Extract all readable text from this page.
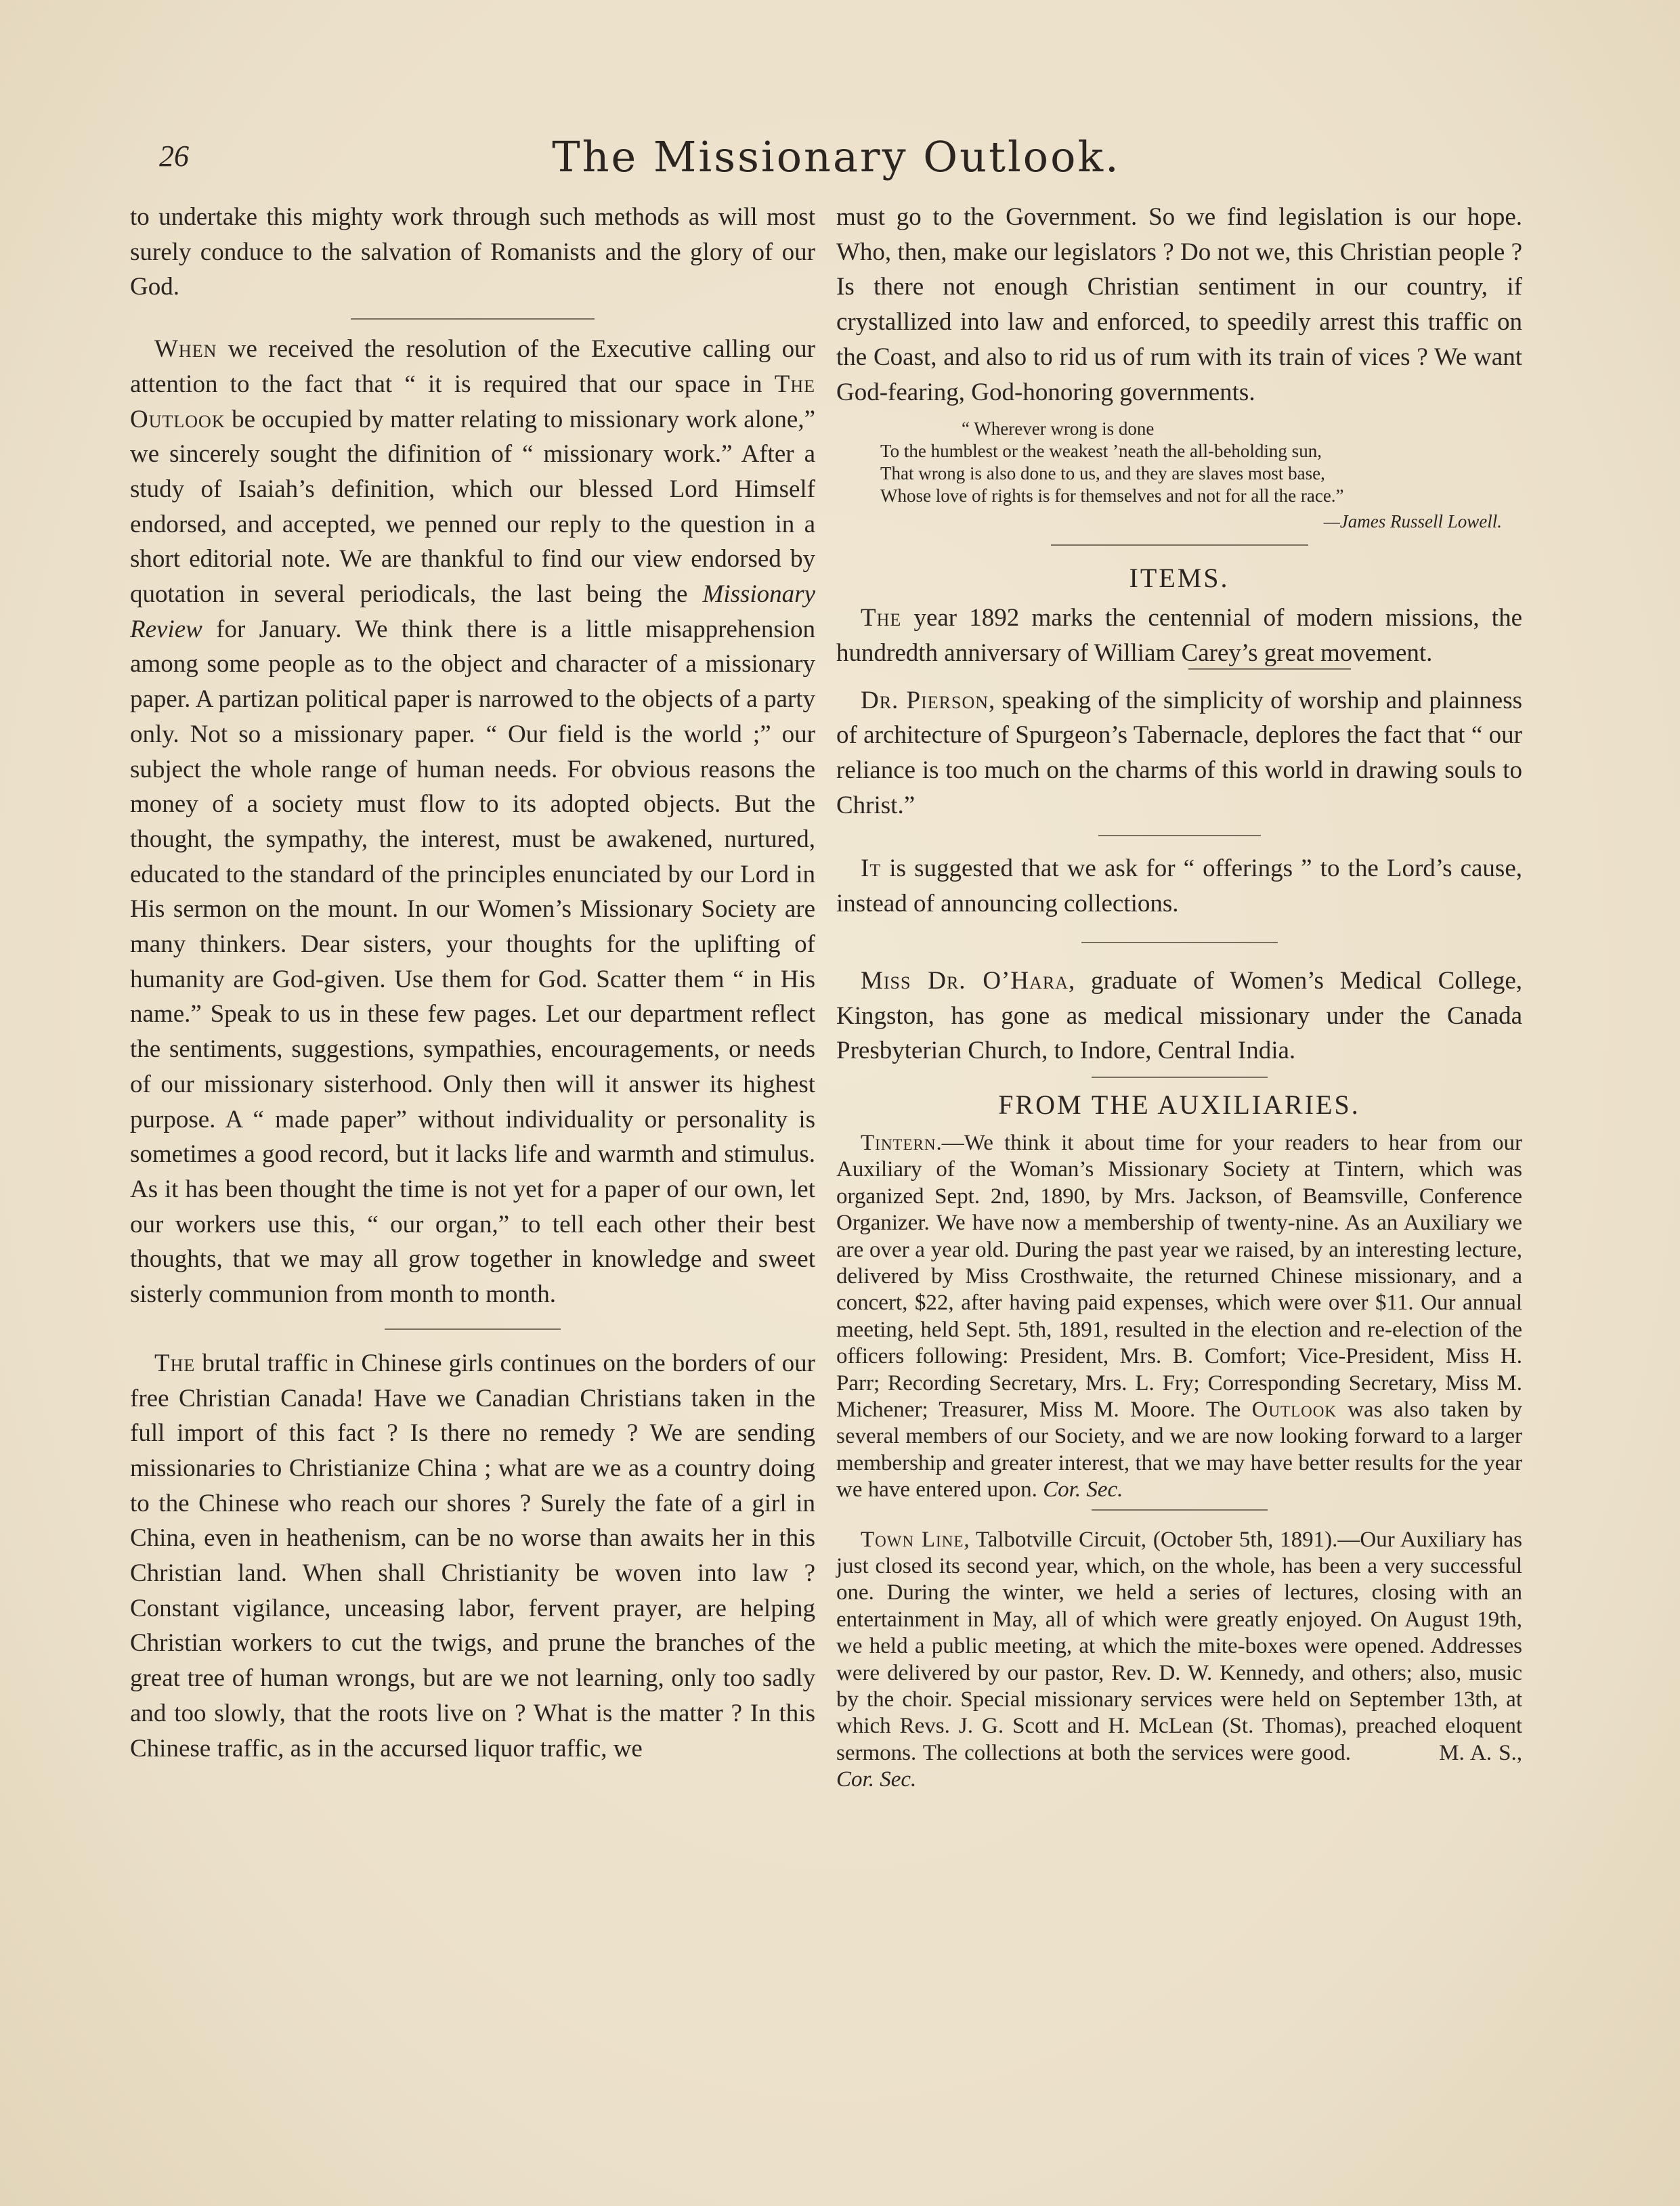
26	The Missionary Outlook.

to undertake this mighty work through such methods as will most surely conduce to the salvation of Romanists and the glory of our God.

When we received the resolution of the Executive calling our attention to the fact that “ it is required that our space in The Outlook be occupied by matter relating to missionary work alone,” we sincerely sought the difinition of “ missionary work.” After a study of Isaiah’s definition, which our blessed Lord Himself endorsed, and accepted, we penned our reply to the question in a short editorial note. We are thankful to find our view endorsed by quotation in several periodicals, the last being the Missionary Review for January. We think there is a little misapprehension among some people as to the object and character of a missionary paper. A partizan political paper is narrowed to the objects of a party only. Not so a missionary paper. “ Our field is the world ;” our subject the whole range of human needs. For obvious reasons the money of a society must flow to its adopted objects. But the thought, the sympathy, the interest, must be awakened, nurtured, educated to the standard of the principles enunciated by our Lord in His sermon on the mount. In our Women’s Missionary Society are many thinkers. Dear sisters, your thoughts for the uplifting of humanity are God-given. Use them for God. Scatter them “ in His name.” Speak to us in these few pages. Let our department reflect the sentiments, suggestions, sympathies, encouragements, or needs of our missionary sisterhood. Only then will it answer its highest purpose. A “ made paper” without individuality or personality is sometimes a good record, but it lacks life and warmth and stimulus. As it has been thought the time is not yet for a paper of our own, let our workers use this, “ our organ,” to tell each other their best thoughts, that we may all grow together in knowledge and sweet sisterly communion from month to month.

The brutal traffic in Chinese girls continues on the borders of our free Christian Canada! Have we Canadian Christians taken in the full import of this fact ? Is there no remedy ? We are sending missionaries to Christianize China ; what are we as a country doing to the Chinese who reach our shores ? Surely the fate of a girl in China, even in heathenism, can be no worse than awaits her in this Christian land. When shall Christianity be woven into law ? Constant vigilance, unceasing labor, fervent prayer, are helping Christian workers to cut the twigs, and prune the branches of the great tree of human wrongs, but are we not learning, only too sadly and too slowly, that the roots live on ? What is the matter ? In this Chinese traffic, as in the accursed liquor traffic, we

must go to the Government. So we find legislation is our hope. Who, then, make our legislators ? Do not we, this Christian people ? Is there not enough Christian sentiment in our country, if crystallized into law and enforced, to speedily arrest this traffic on the Coast, and also to rid us of rum with its train of vices ? We want God-fearing, God-honoring governments.

“ Wherever wrong is done
To the humblest or the weakest ’neath the all-beholding sun,
That wrong is also done to us, and they are slaves most base,
Whose love of rights is for themselves and not for all the race.”
—James Russell Lowell.
ITEMS.

The year 1892 marks the centennial of modern missions, the hundredth anniversary of William Carey’s great movement.

Dr. Pierson, speaking of the simplicity of worship and plainness of architecture of Spurgeon’s Tabernacle, deplores the fact that “ our reliance is too much on the charms of this world in drawing souls to Christ.”

It is suggested that we ask for “ offerings ” to the Lord’s cause, instead of announcing collections.

Miss Dr. O’Hara, graduate of Women’s Medical College, Kingston, has gone as medical missionary under the Canada Presbyterian Church, to Indore, Central India.

FROM THE AUXILIARIES.

Tintern.—We think it about time for your readers to hear from our Auxiliary of the Woman’s Missionary Society at Tintern, which was organized Sept. 2nd, 1890, by Mrs. Jackson, of Beamsville, Conference Organizer. We have now a membership of twenty-nine. As an Auxiliary we are over a year old. During the past year we raised, by an interesting lecture, delivered by Miss Crosthwaite, the returned Chinese missionary, and a concert, $22, after having paid expenses, which were over $11. Our annual meeting, held Sept. 5th, 1891, resulted in the election and re-election of the officers following: President, Mrs. B. Comfort; Vice-President, Miss H. Parr; Recording Secretary, Mrs. L. Fry; Corresponding Secretary, Miss M. Michener; Treasurer, Miss M. Moore. The Outlook was also taken by several members of our Society, and we are now looking forward to a larger membership and greater interest, that we may have better results for the year we have entered upon. Cor. Sec.

Town Line, Talbotville Circuit, (October 5th, 1891).—Our Auxiliary has just closed its second year, which, on the whole, has been a very successful one. During the winter, we held a series of lectures, closing with an entertainment in May, all of which were greatly enjoyed. On August 19th, we held a public meeting, at which the mite-boxes were opened. Addresses were delivered by our pastor, Rev. D. W. Kennedy, and others; also, music by the choir. Special missionary services were held on September 13th, at which Revs. J. G. Scott and H. McLean (St. Thomas), preached eloquent sermons. The collections at both the services were good.	M. A. S., Cor. Sec.
